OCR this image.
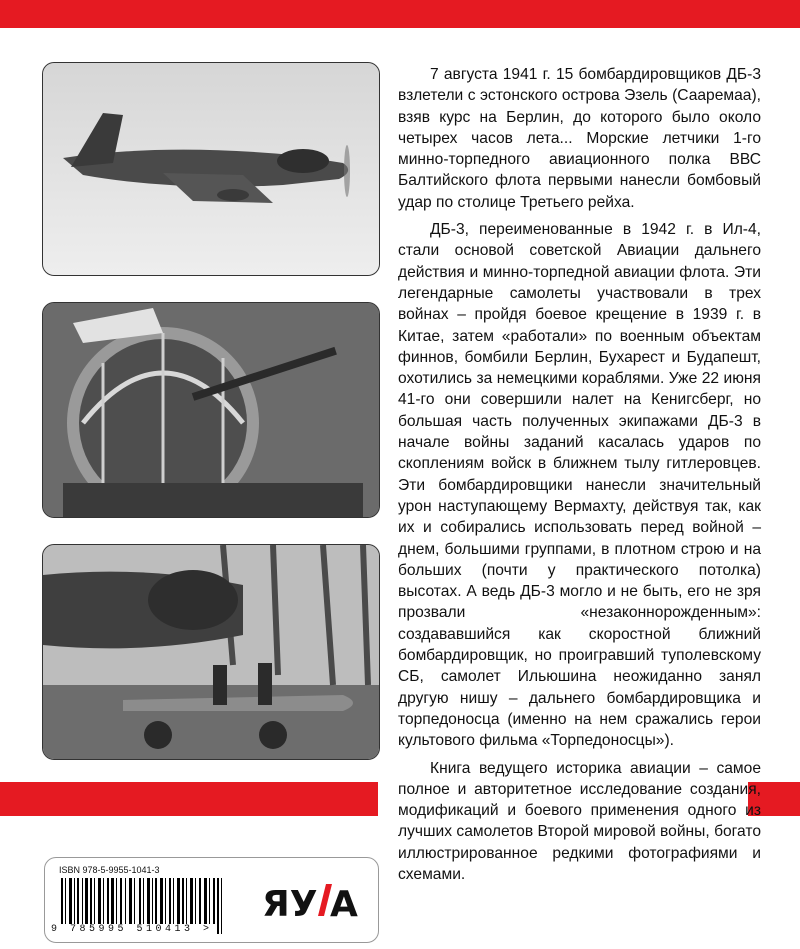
7 августа 1941 г. 15 бомбардировщиков ДБ-3 взлетели с эстонского острова Эзель (Сааремаа), взяв курс на Берлин, до которого было около четырех часов лета... Морские летчики 1-го минно-торпедного авиационного полка ВВС Балтийского флота первыми нанесли бомбовый удар по столице Третьего рейха.

ДБ-3, переименованные в 1942 г. в Ил-4, стали основой советской Авиации дальнего действия и минно-торпедной авиации флота. Эти легендарные самолеты участвовали в трех войнах – пройдя боевое крещение в 1939 г. в Китае, затем «работали» по военным объектам финнов, бомбили Берлин, Бухарест и Будапешт, охотились за немецкими кораблями. Уже 22 июня 41-го они совершили налет на Кенигсберг, но большая часть полученных экипажами ДБ-3 в начале войны заданий касалась ударов по скоплениям войск в ближнем тылу гитлеровцев. Эти бомбардировщики нанесли значительный урон наступающему Вермахту, действуя так, как их и собирались использовать перед войной – днем, большими группами, в плотном строю и на больших (почти у практического потолка) высотах. А ведь ДБ-3 могло и не быть, его не зря прозвали «незаконнорожденным»: создававшийся как скоростной ближний бомбардировщик, но проигравший туполевскому СБ, самолет Ильюшина неожиданно занял другую нишу – дальнего бомбардировщика и торпедоносца (именно на нем сражались герои культового фильма «Торпедоносцы»).

Книга ведущего историка авиации – самое полное и авторитетное исследование создания, модификаций и боевого применения одного из лучших самолетов Второй мировой войны, богато иллюстрированное редкими фотографиями и схемами.

ISBN 978-5-9955-1041-3
9 785995 510413 >
ЯУ А
